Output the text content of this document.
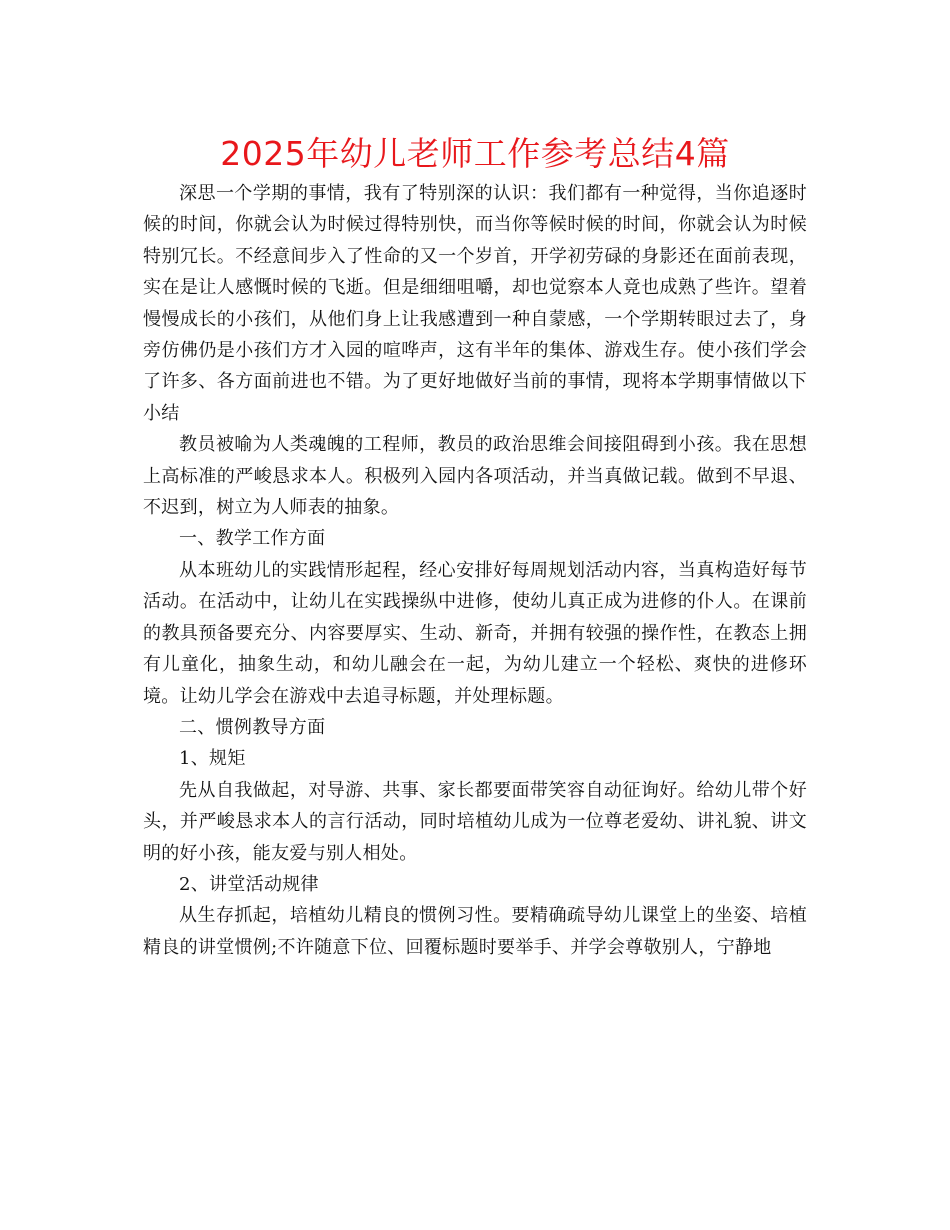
2025年幼儿老师工作参考总结4篇

深思一个学期的事情，我有了特别深的认识：我们都有一种觉得，当你追逐时候的时间，你就会认为时候过得特别快，而当你等候时候的时间，你就会认为时候特别冗长。不经意间步入了性命的又一个岁首，开学初劳碌的身影还在面前表现，实在是让人感慨时候的飞逝。但是细细咀嚼，却也觉察本人竟也成熟了些许。望着慢慢成长的小孩们，从他们身上让我感遭到一种自蒙感，一个学期转眼过去了，身旁仿佛仍是小孩们方才入园的喧哗声，这有半年的集体、游戏生存。使小孩们学会了许多、各方面前进也不错。为了更好地做好当前的事情，现将本学期事情做以下小结

教员被喻为人类魂魄的工程师，教员的政治思维会间接阻碍到小孩。我在思想上高标准的严峻恳求本人。积极列入园内各项活动，并当真做记载。做到不早退、不迟到，树立为人师表的抽象。

一、教学工作方面

从本班幼儿的实践情形起程，经心安排好每周规划活动内容，当真构造好每节活动。在活动中，让幼儿在实践操纵中进修，使幼儿真正成为进修的仆人。在课前的教具预备要充分、内容要厚实、生动、新奇，并拥有较强的操作性，在教态上拥有儿童化，抽象生动，和幼儿融会在一起，为幼儿建立一个轻松、爽快的进修环境。让幼儿学会在游戏中去追寻标题，并处理标题。

二、惯例教导方面

1、规矩

先从自我做起，对导游、共事、家长都要面带笑容自动征询好。给幼儿带个好头，并严峻恳求本人的言行活动，同时培植幼儿成为一位尊老爱幼、讲礼貌、讲文明的好小孩，能友爱与别人相处。

2、讲堂活动规律

从生存抓起，培植幼儿精良的惯例习性。要精确疏导幼儿课堂上的坐姿、培植精良的讲堂惯例;不许随意下位、回覆标题时要举手、并学会尊敬别人，宁静地
